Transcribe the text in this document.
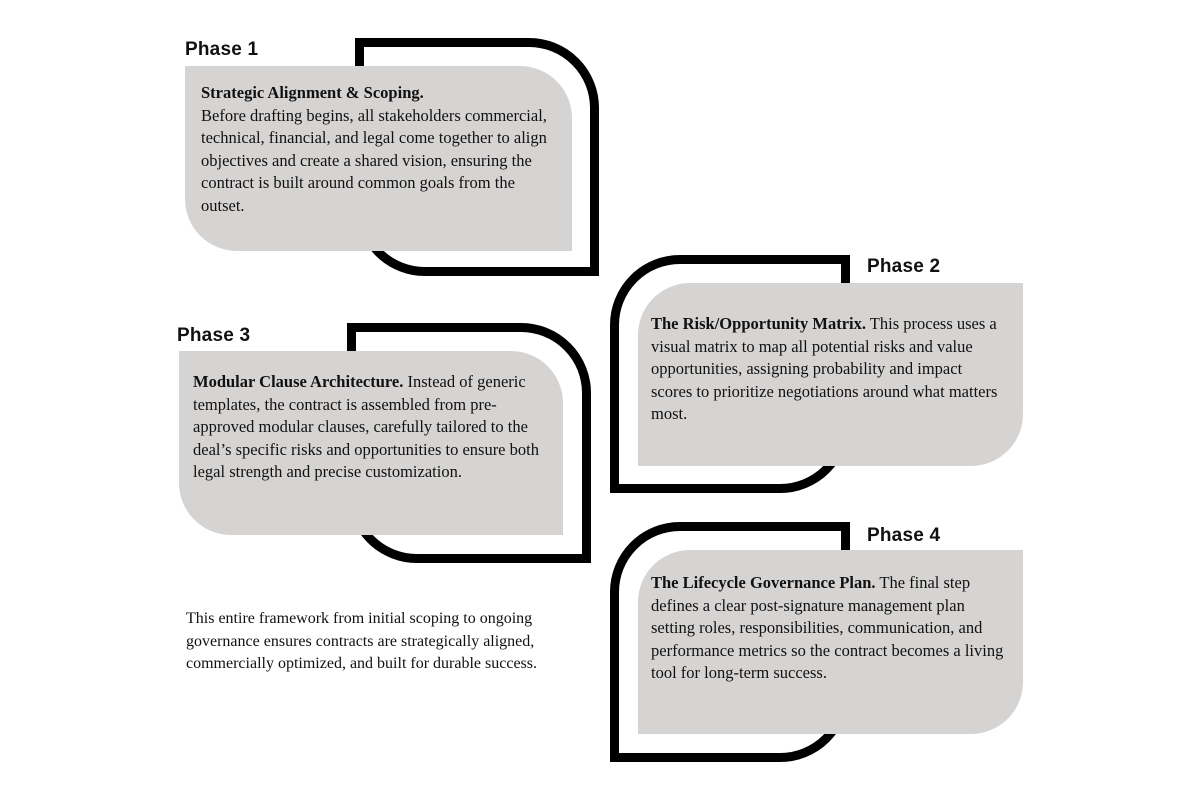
Phase 1
Strategic Alignment & Scoping.
Before drafting begins, all stakeholders commercial, technical, financial, and legal come together to align objectives and create a shared vision, ensuring the contract is built around common goals from the outset.
Phase 2
The Risk/Opportunity Matrix. This process uses a visual matrix to map all potential risks and value opportunities, assigning probability and impact scores to prioritize negotiations around what matters most.
Phase 3
Modular Clause Architecture. Instead of generic templates, the contract is assembled from pre-approved modular clauses, carefully tailored to the deal’s specific risks and opportunities to ensure both legal strength and precise customization.
Phase 4
The Lifecycle Governance Plan. The final step defines a clear post-signature management plan setting roles, responsibilities, communication, and performance metrics so the contract becomes a living tool for long-term success.
This entire framework from initial scoping to ongoing governance ensures contracts are strategically aligned, commercially optimized, and built for durable success.
